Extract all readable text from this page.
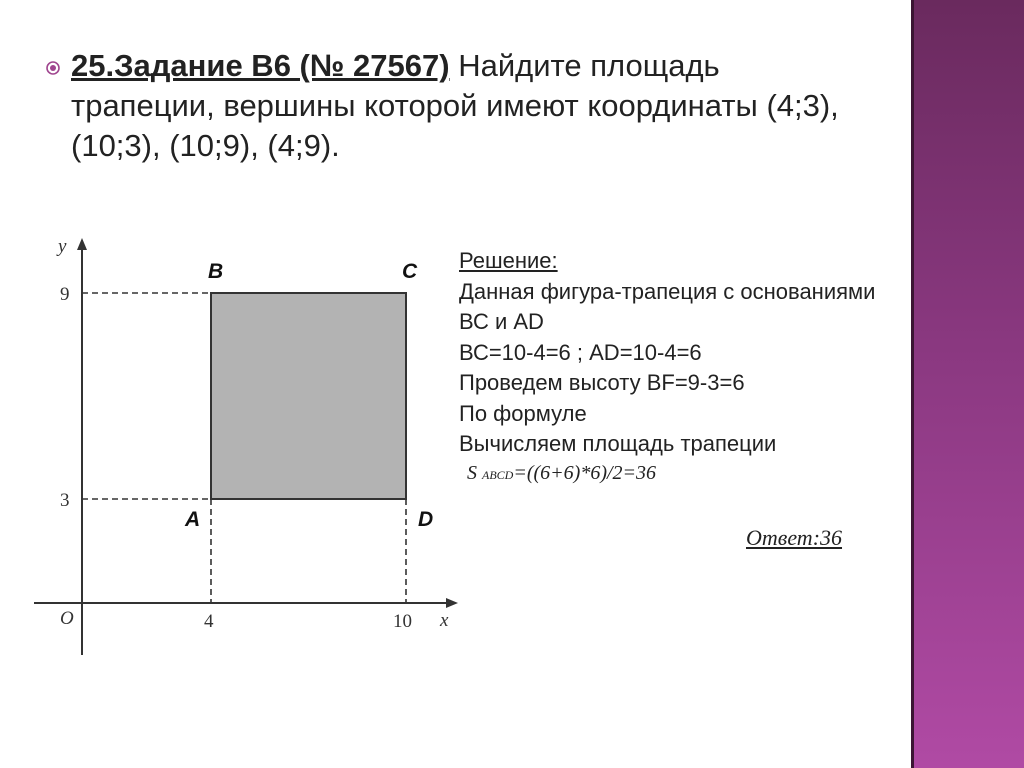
25.Задание В6 (№ 27567) Найдите площадь трапеции, вершины которой имеют координаты (4;3), (10;3), (10;9), (4;9).
y
x
O
9
3
4	10
B	C
A	D
Решение:
Данная фигура-трапеция с основаниями ВС и AD
ВС=10-4=6 ; АD=10-4=6
Проведем высоту BF=9-3=6
По формуле
Вычисляем площадь трапеции
S ABCD=((6+6)*6)/2=36
Ответ:36
